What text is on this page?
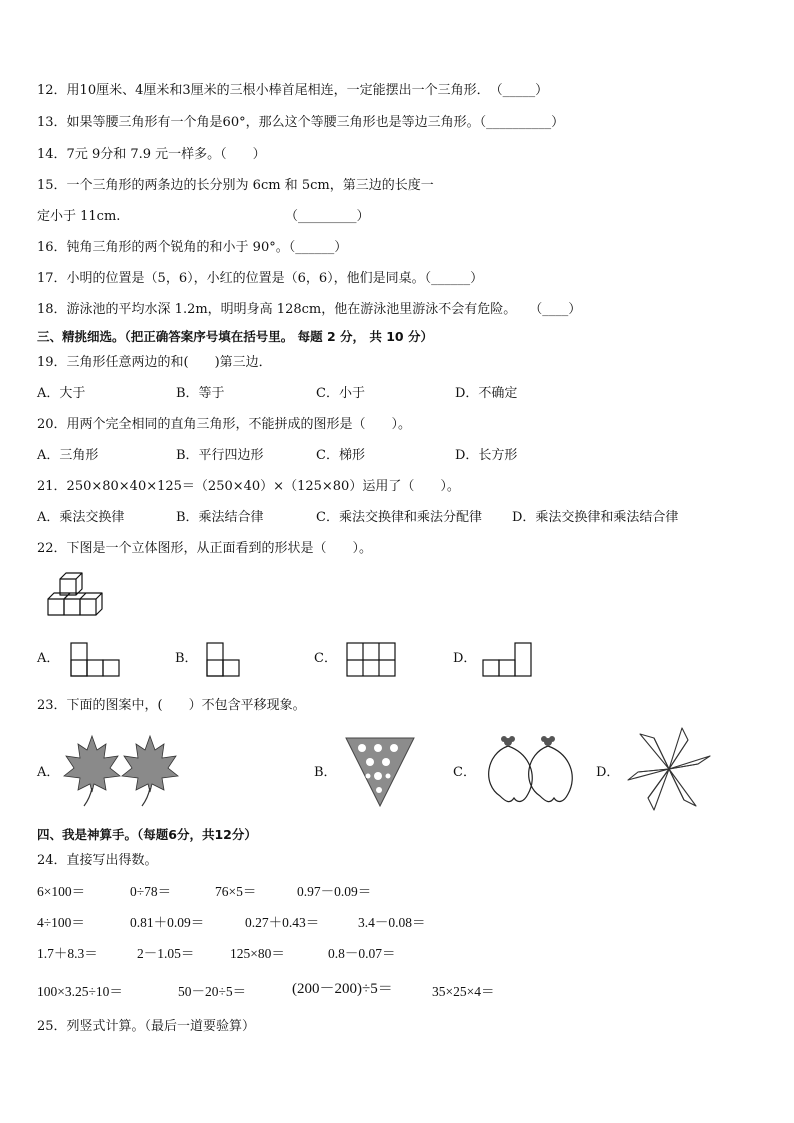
12．用10厘米、4厘米和3厘米的三根小棒首尾相连，一定能摆出一个三角形．　（_____）
13．如果等腰三角形有一个角是60°，那么这个等腰三角形也是等边三角形。（__________）
14．7元 9分和 7.9 元一样多。（　　）
15．一个三角形的两条边的长分别为 6cm 和 5cm，第三边的长度一
定小于 11cm.	（_________）
16．钝角三角形的两个锐角的和小于 90°。（______）
17．小明的位置是（5，6），小红的位置是（6，6），他们是同桌。（______）
18．游泳池的平均水深 1.2m，明明身高 128cm，他在游泳池里游泳不会有危险。　　（____）
三、精挑细选。（把正确答案序号填在括号里。 每题 2 分， 共 10 分）
19．三角形任意两边的和(　　)第三边．
A．大于	B．等于	C．小于	D．不确定
20．用两个完全相同的直角三角形，不能拼成的图形是（　　）。
A．三角形	B．平行四边形	C．梯形	D．长方形
21．250×80×40×125＝（250×40）×（125×80）运用了（　　）。
A．乘法交换律	B．乘法结合律	C．乘法交换律和乘法分配律 D．乘法交换律和乘法结合律
22．下图是一个立体图形，从正面看到的形状是（　　）。
A．	B．	C．	D．
23．下面的图案中，(　　）不包含平移现象。
A．	B．	C．	D．
四、我是神算手。（每题6分，共12分）
24．直接写出得数。
6×100＝	0÷78＝	76×5＝	0.97－0.09＝
4÷100＝	0.81＋0.09＝	0.27＋0.43＝	3.4－0.08＝
1.7＋8.3＝	2－1.05＝	125×80＝	0.8－0.07＝
100×3.25÷10＝	50－20÷5＝	(200－200)÷5＝	35×25×4＝
25．列竖式计算。（最后一道要验算）
